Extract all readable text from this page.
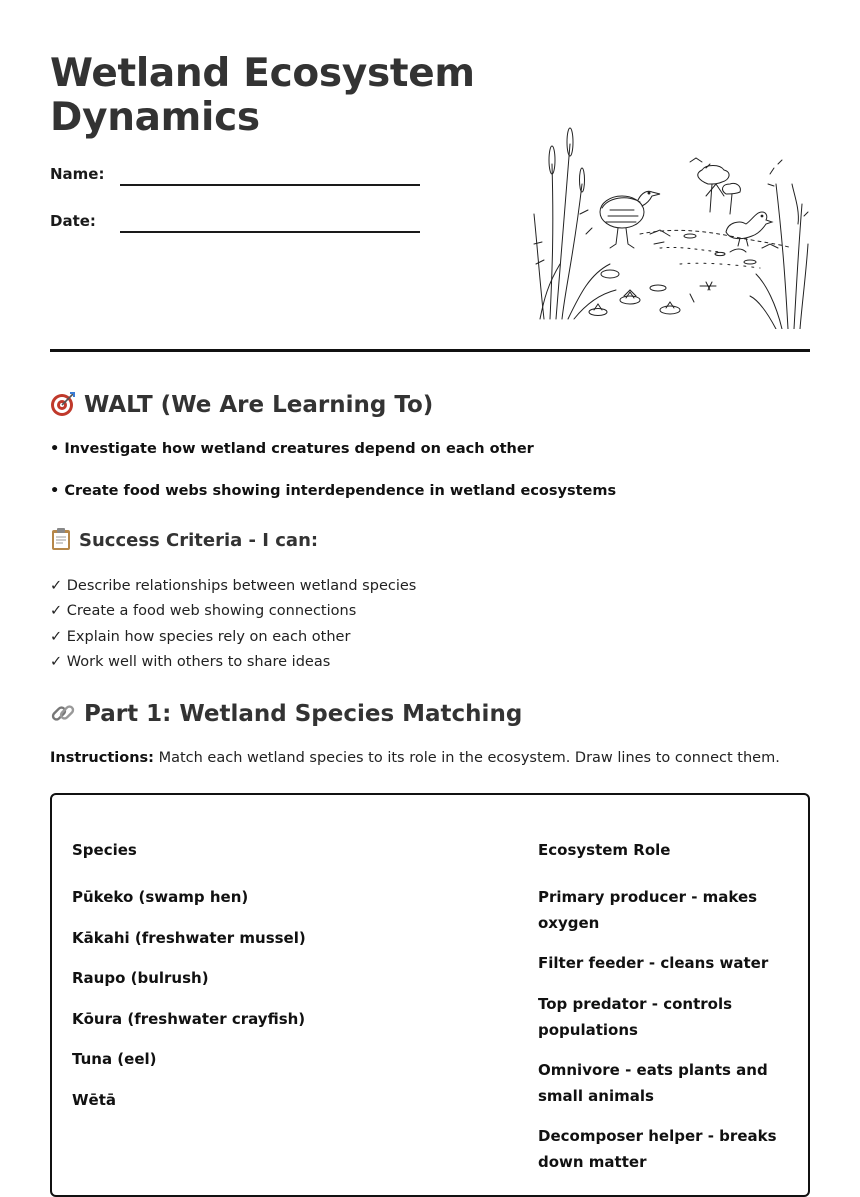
Wetland Ecosystem Dynamics
Name:
Date:
WALT (We Are Learning To)
• Investigate how wetland creatures depend on each other
• Create food webs showing interdependence in wetland ecosystems
Success Criteria - I can:
✓ Describe relationships between wetland species
✓ Create a food web showing connections
✓ Explain how species rely on each other
✓ Work well with others to share ideas
Part 1: Wetland Species Matching
Instructions: Match each wetland species to its role in the ecosystem. Draw lines to connect them.
Species	Ecosystem Role
Pūkeko (swamp hen)
Kākahi (freshwater mussel)
Raupo (bulrush)
Kōura (freshwater crayfish)
Tuna (eel)
Wētā
Primary producer - makes oxygen
Filter feeder - cleans water
Top predator - controls populations
Omnivore - eats plants and small animals
Decomposer helper - breaks down matter
